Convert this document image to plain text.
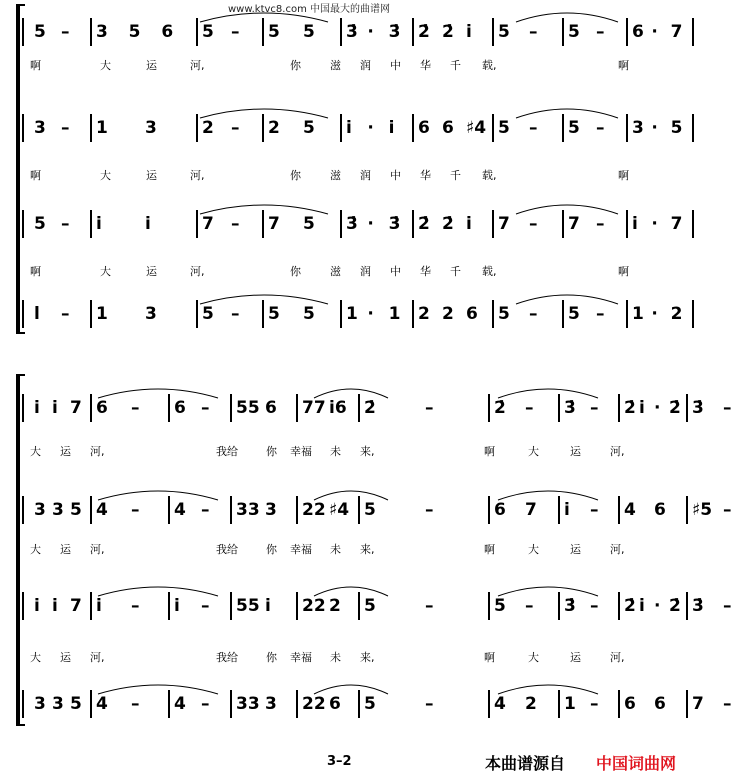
www.ktvc8.com 中国最大的曲谱网
5 – 3 5 6 5 – 5 5 3̇ · 3̇ 2̇ 2̇ i 5 – 5 – 6 · 7
啊	大	运	河,	你	滋 润 中 华 千 载,	啊
3 – 1 3	2 – 2 5 i · i 6 6 ♯4 5 – 5 – 3 · 5
啊	大	运	河,	你	滋 润 中 华 千 载,	啊
5 – i	i	7 – 7 5 3̇ · 3̇ 2̇ 2̇ i 7 – 7 – i · 7
啊	大	运	河,	你	滋 润 中 华 千 载,	啊
l – 1 3	5 – 5 5 1 · 1 2 2 6 5 – 5 – 1 · 2
i i 7 6 – 6 – 55 6 77 i6 2̇	–	2̇ – 3̇ – 2̇ i · 2̇ 3̇ –
大 运 河,	我给	你 幸福 未 来,	啊	大	运	河,
3 3 5 4 – 4 – 33 3 22 ♯4 5	–	6 7 i – 4 6 ♯5 –
大 运 河,	我给	你 幸福 未 来,	啊	大	运	河,
i i 7 i – i – 55 i 22 2 5	–	5 – 3̇ – 2̇ i · 2̇ 3̇ –
大 运 河,	我给	你 幸福 未 来,	啊	大	运	河,
3 3 5 4 – 4 – 33 3 22 6 5	–	4 2 1 – 6 6 7 –
3–2	本曲谱源自 中国词曲网
